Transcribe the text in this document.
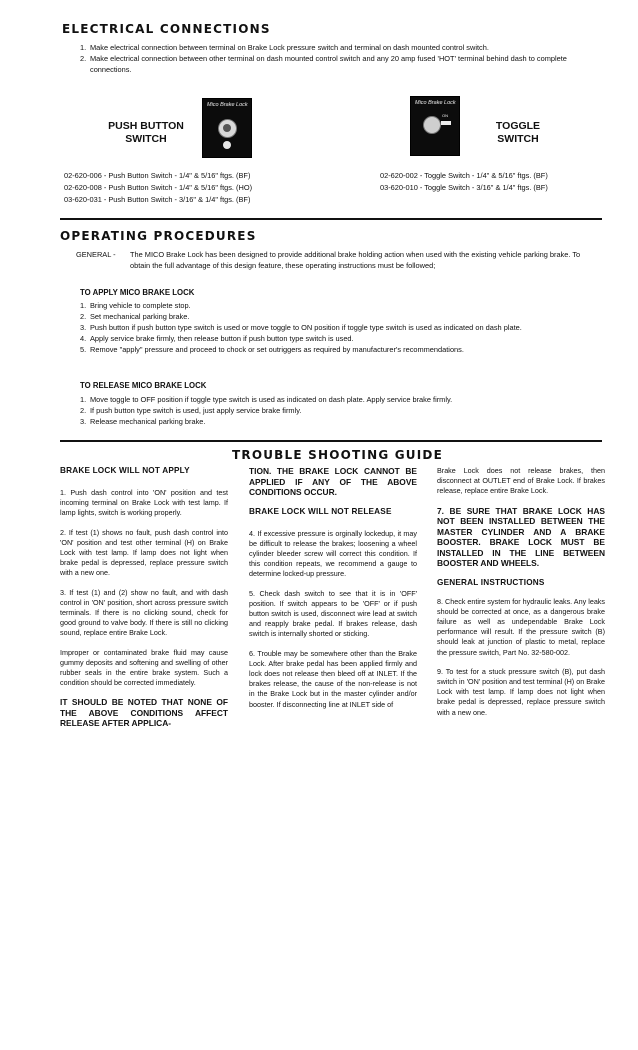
ELECTRICAL CONNECTIONS
1. Make electrical connection between terminal on Brake Lock pressure switch and terminal on dash mounted control switch.
2. Make electrical connection between other terminal on dash mounted control switch and any 20 amp fused 'HOT' terminal behind dash to complete connections.
PUSH BUTTON
SWITCH
Mico Brake Lock	Mico Brake Lock
ON
TOGGLE
SWITCH
02-620-006 - Push Button Switch - 1/4" & 5/16" ftgs. (BF)
02-620-008 - Push Button Switch - 1/4" & 5/16" ftgs. (HO)
03-620-031 - Push Button Switch - 3/16" & 1/4" ftgs. (BF)
02-620-002 - Toggle Switch - 1/4" & 5/16" ftgs. (BF)
03-620-010 - Toggle Switch - 3/16" & 1/4" ftgs. (BF)
OPERATING PROCEDURES
GENERAL - The MICO Brake Lock has been designed to provide additional brake holding action when used with the existing vehicle parking brake. To obtain the full advantage of this design feature, these operating instructions must be followed;
TO APPLY MICO BRAKE LOCK
1. Bring vehicle to complete stop.
2. Set mechanical parking brake.
3. Push button if push button type switch is used or move toggle to ON position if toggle type switch is used as indicated on dash plate.
4. Apply service brake firmly, then release button if push button type switch is used.
5. Remove "apply" pressure and proceed to chock or set outriggers as required by manufacturer's recommendations.
TO RELEASE MICO BRAKE LOCK
1. Move toggle to OFF position if toggle type switch is used as indicated on dash plate. Apply service brake firmly.
2. If push button type switch is used, just apply service brake firmly.
3. Release mechanical parking brake.
TROUBLE SHOOTING GUIDE
BRAKE LOCK WILL NOT APPLY

1. Push dash control into 'ON' position and test incoming terminal on Brake Lock with test lamp. If lamp lights, switch is working properly.

2. If test (1) shows no fault, push dash control into 'ON' position and test other terminal (H) on Brake Lock with test lamp. If lamp does not light when brake pedal is depressed, replace pressure switch with a new one.

3. If test (1) and (2) show no fault, and with dash control in 'ON' position, short across pressure switch terminals. If there is no clicking sound, check for good ground to valve body. If there is still no clicking sound, replace entire Brake Lock.

Improper or contaminated brake fluid may cause gummy deposits and softening and swelling of other rubber seals in the entire brake system. Such a condition should be corrected immediately.

IT SHOULD BE NOTED THAT NONE OF THE ABOVE CONDITIONS AFFECT RELEASE AFTER APPLICA-
TION. THE BRAKE LOCK CANNOT BE APPLIED IF ANY OF THE ABOVE CONDITIONS OCCUR.
BRAKE LOCK WILL NOT RELEASE

4. If excessive pressure is orginally lockedup, it may be difficult to release the brakes; loosening a wheel cylinder bleeder screw will correct this condition. If this condition repeats, we recommend a gauge to determine locked-up pressure.

5. Check dash switch to see that it is in 'OFF' position. If switch appears to be 'OFF' or if push button switch is used, disconnect wire lead at switch and reapply brake pedal. If brakes release, dash switch is internally shorted or sticking.

6. Trouble may be somewhere other than the Brake Lock. After brake pedal has been applied firmly and lock does not release then bleed off at INLET. If the brakes release, the cause of the non-release is not in the Brake Lock but in the master cylinder and/or booster. If disconnecting line at INLET side of

Brake Lock does not release brakes, then disconnect at OUTLET end of Brake Lock. If brakes release, replace entire Brake Lock.

7. BE SURE THAT BRAKE LOCK HAS NOT BEEN INSTALLED BETWEEN THE MASTER CYLINDER AND A BRAKE BOOSTER. BRAKE LOCK MUST BE INSTALLED IN THE LINE BETWEEN BOOSTER AND WHEELS.
GENERAL INSTRUCTIONS

8. Check entire system for hydraulic leaks. Any leaks should be corrected at once, as a dangerous brake failure as well as undependable Brake Lock performance will result. If the pressure switch (B) should leak at junction of plastic to metal, replace the pressure switch, Part No. 32-580-002.

9. To test for a stuck pressure switch (B), put dash switch in 'ON' position and test terminal (H) on Brake Lock with test lamp. If lamp does not light when brake pedal is depressed, replace pressure switch with a new one.
